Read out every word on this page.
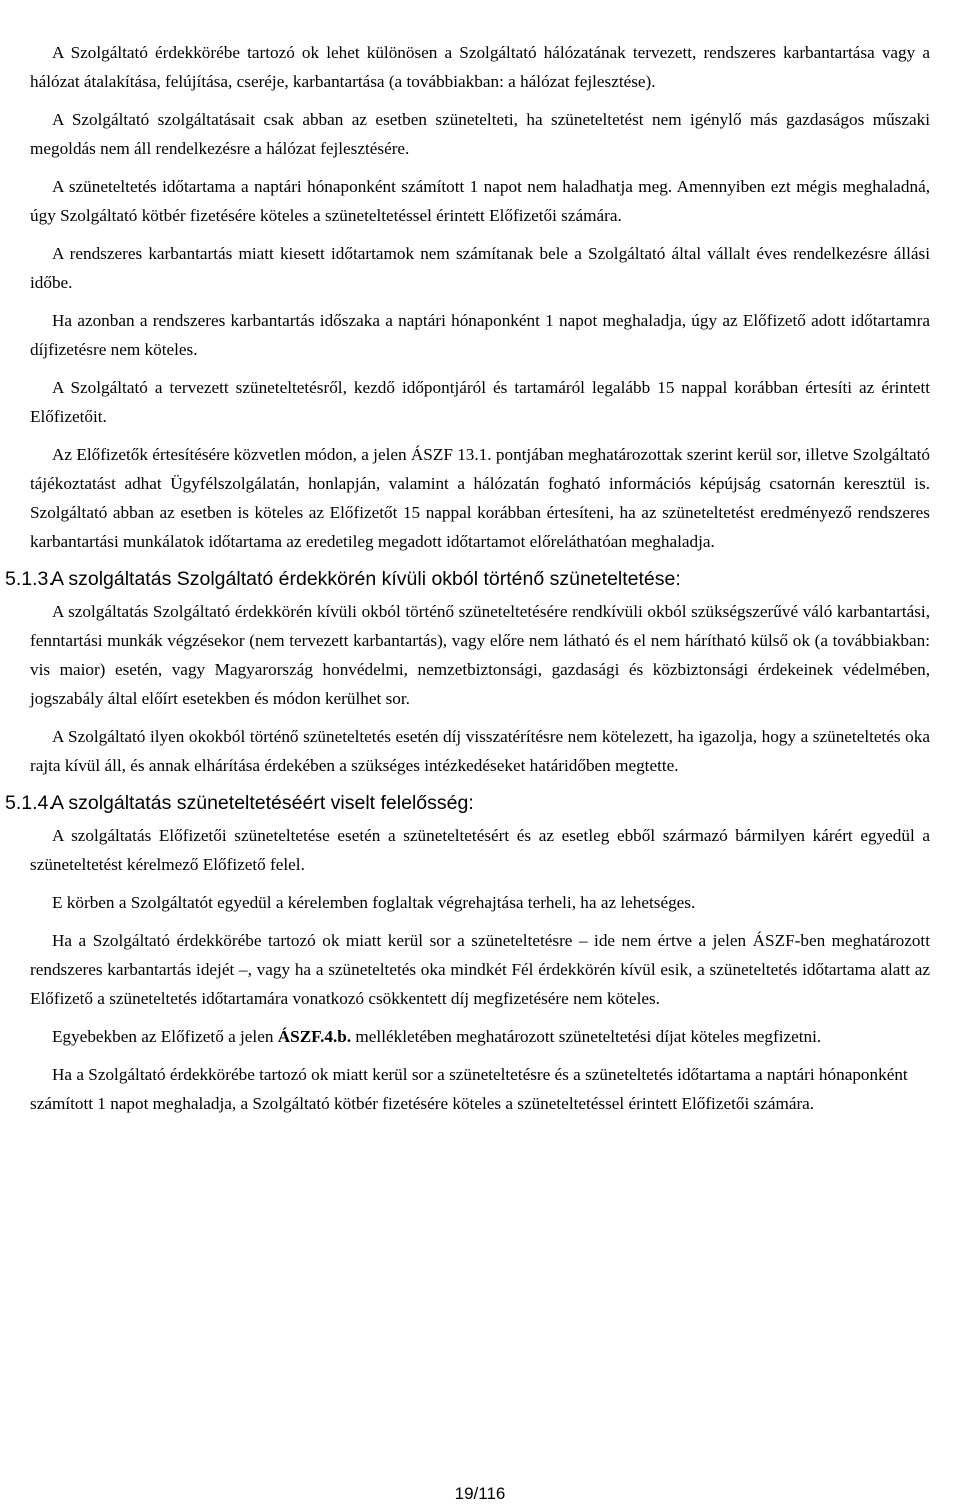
Pázmány Kábel Kft. Egységes ÁSZF	Hatályba lépés kelte: 2015.09.01.

A Szolgáltató érdekkörébe tartozó ok lehet különösen a Szolgáltató hálózatának tervezett, rendszeres karbantartása vagy a hálózat átalakítása, felújítása, cseréje, karbantartása (a továbbiakban: a hálózat fejlesztése).

A Szolgáltató szolgáltatásait csak abban az esetben szünetelteti, ha szüneteltetést nem igénylő más gazdaságos műszaki megoldás nem áll rendelkezésre a hálózat fejlesztésére.

A szüneteltetés időtartama a naptári hónaponként számított 1 napot nem haladhatja meg. Amennyiben ezt mégis meghaladná, úgy Szolgáltató kötbér fizetésére köteles a szüneteltetéssel érintett Előfizetői számára.

A rendszeres karbantartás miatt kiesett időtartamok nem számítanak bele a Szolgáltató által vállalt éves rendelkezésre állási időbe.

Ha azonban a rendszeres karbantartás időszaka a naptári hónaponként 1 napot meghaladja, úgy az Előfizető adott időtartamra díjfizetésre nem köteles.

A Szolgáltató a tervezett szüneteltetésről, kezdő időpontjáról és tartamáról legalább 15 nappal korábban értesíti az érintett Előfizetőit.

Az Előfizetők értesítésére közvetlen módon, a jelen ÁSZF 13.1. pontjában meghatározottak szerint kerül sor, illetve Szolgáltató tájékoztatást adhat Ügyfélszolgálatán, honlapján, valamint a hálózatán fogható információs képújság csatornán keresztül is. Szolgáltató abban az esetben is köteles az Előfizetőt 15 nappal korábban értesíteni, ha az szüneteltetést eredményező rendszeres karbantartási munkálatok időtartama az eredetileg megadott időtartamot előreláthatóan meghaladja.

5.1.3.A szolgáltatás Szolgáltató érdekkörén kívüli okból történő szüneteltetése:

A szolgáltatás Szolgáltató érdekkörén kívüli okból történő szüneteltetésére rendkívüli okból szükségszerűvé váló karbantartási, fenntartási munkák végzésekor (nem tervezett karbantartás), vagy előre nem látható és el nem hárítható külső ok (a továbbiakban: vis maior) esetén, vagy Magyarország honvédelmi, nemzetbiztonsági, gazdasági és közbiztonsági érdekeinek védelmében, jogszabály által előírt esetekben és módon kerülhet sor.

A Szolgáltató ilyen okokból történő szüneteltetés esetén díj visszatérítésre nem kötelezett, ha igazolja, hogy a szüneteltetés oka rajta kívül áll, és annak elhárítása érdekében a szükséges intézkedéseket határidőben megtette.

5.1.4.A szolgáltatás szüneteltetéséért viselt felelősség:

A szolgáltatás Előfizetői szüneteltetése esetén a szüneteltetésért és az esetleg ebből származó bármilyen kárért egyedül a szüneteltetést kérelmező Előfizető felel.

E körben a Szolgáltatót egyedül a kérelemben foglaltak végrehajtása terheli, ha az lehetséges.

Ha a Szolgáltató érdekkörébe tartozó ok miatt kerül sor a szüneteltetésre – ide nem értve a jelen ÁSZF-ben meghatározott rendszeres karbantartás idejét –, vagy ha a szüneteltetés oka mindkét Fél érdekkörén kívül esik, a szüneteltetés időtartama alatt az Előfizető a szüneteltetés időtartamára vonatkozó csökkentett díj megfizetésére nem köteles.

Egyebekben az Előfizető a jelen ÁSZF.4.b. mellékletében meghatározott szüneteltetési díjat köteles megfizetni.

Ha a Szolgáltató érdekkörébe tartozó ok miatt kerül sor a szüneteltetésre és a szüneteltetés időtartama a naptári hónaponként számított 1 napot meghaladja, a Szolgáltató kötbér fizetésére köteles a szüneteltetéssel érintett Előfizetői számára.

19/116
